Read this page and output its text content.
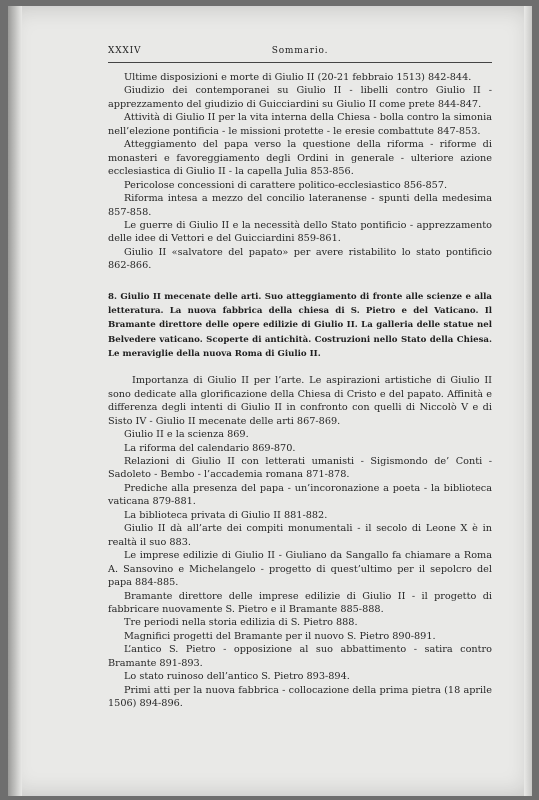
XXXIV	Sommario.

Ultime disposizioni e morte di Giulio II (20-21 febbraio 1513) 842-844.

Giudizio dei contemporanei su Giulio II - libelli contro Giulio II - apprezzamento del giudizio di Guicciardini su Giulio II come prete 844-847.

Attività di Giulio II per la vita interna della Chiesa - bolla contro la simonia nell’elezione pontificia - le missioni protette - le eresie combattute 847-853.

Atteggiamento del papa verso la questione della riforma - riforme di monasteri e favoreggiamento degli Ordini in generale - ulteriore azione ecclesiastica di Giulio II - la capella Julia 853-856.

Pericolose concessioni di carattere politico-ecclesiastico 856-857.

Riforma intesa a mezzo del concilio lateranense - spunti della medesima 857-858.

Le guerre di Giulio II e la necessità dello Stato pontificio - apprezzamento delle idee di Vettori e del Guicciardini 859-861.

Giulio II «salvatore del papato» per avere ristabilito lo stato pontificio 862-866.

8. Giulio II mecenate delle arti. Suo atteggiamento di fronte alle scienze e alla letteratura. La nuova fabbrica della chiesa di S. Pietro e del Vaticano. Il Bramante direttore delle opere edilizie di Giulio II. La galleria delle statue nel Belvedere vaticano. Scoperte di antichità. Costruzioni nello Stato della Chiesa. Le meraviglie della nuova Roma di Giulio II.

Importanza di Giulio II per l’arte. Le aspirazioni artistiche di Giulio II sono dedicate alla glorificazione della Chiesa di Cristo e del papato. Affinità e differenza degli intenti di Giulio II in confronto con quelli di Niccolò V e di Sisto IV - Giulio II mecenate delle arti 867-869.

Giulio II e la scienza 869.

La riforma del calendario 869-870.

Relazioni di Giulio II con letterati umanisti - Sigismondo de’ Conti - Sadoleto - Bembo - l’accademia romana 871-878.

Prediche alla presenza del papa - un’incoronazione a poeta - la biblioteca vaticana 879-881.

La biblioteca privata di Giulio II 881-882.

Giulio II dà all’arte dei compiti monumentali - il secolo di Leone X è in realtà il suo 883.

Le imprese edilizie di Giulio II - Giuliano da Sangallo fa chiamare a Roma A. Sansovino e Michelangelo - progetto di quest’ultimo per il sepolcro del papa 884-885.

Bramante direttore delle imprese edilizie di Giulio II - il progetto di fabbricare nuovamente S. Pietro e il Bramante 885-888.

Tre periodi nella storia edilizia di S. Pietro 888.

Magnifici progetti del Bramante per il nuovo S. Pietro 890-891.

L’antico S. Pietro - opposizione al suo abbattimento - satira contro Bramante 891-893.

Lo stato ruinoso dell’antico S. Pietro 893-894.

Primi atti per la nuova fabbrica - collocazione della prima pietra (18 aprile 1506) 894-896.
